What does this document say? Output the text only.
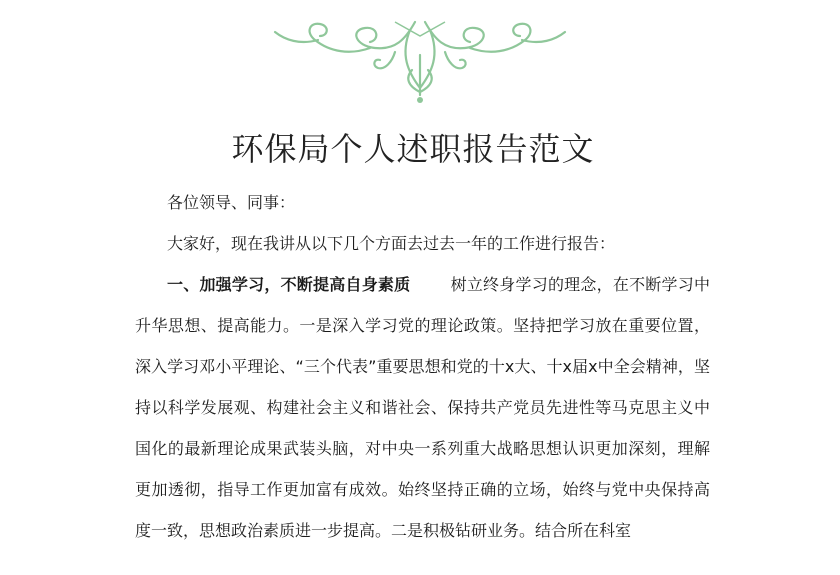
环保局个人述职报告范文

各位领导、同事：

大家好，现在我讲从以下几个方面去过去一年的工作进行报告：

一、加强学习，不断提高自身素质	树立终身学习的理念，在不断学习中升华思想、提高能力。一是深入学习党的理论政策。坚持把学习放在重要位置，深入学习邓小平理论、“三个代表”重要思想和党的十x大、十x届x中全会精神，坚持以科学发展观、构建社会主义和谐社会、保持共产党员先进性等马克思主义中国化的最新理论成果武装头脑，对中央一系列重大战略思想认识更加深刻，理解更加透彻，指导工作更加富有成效。始终坚持正确的立场，始终与党中央保持高度一致，思想政治素质进一步提高。二是积极钻研业务。结合所在科室
